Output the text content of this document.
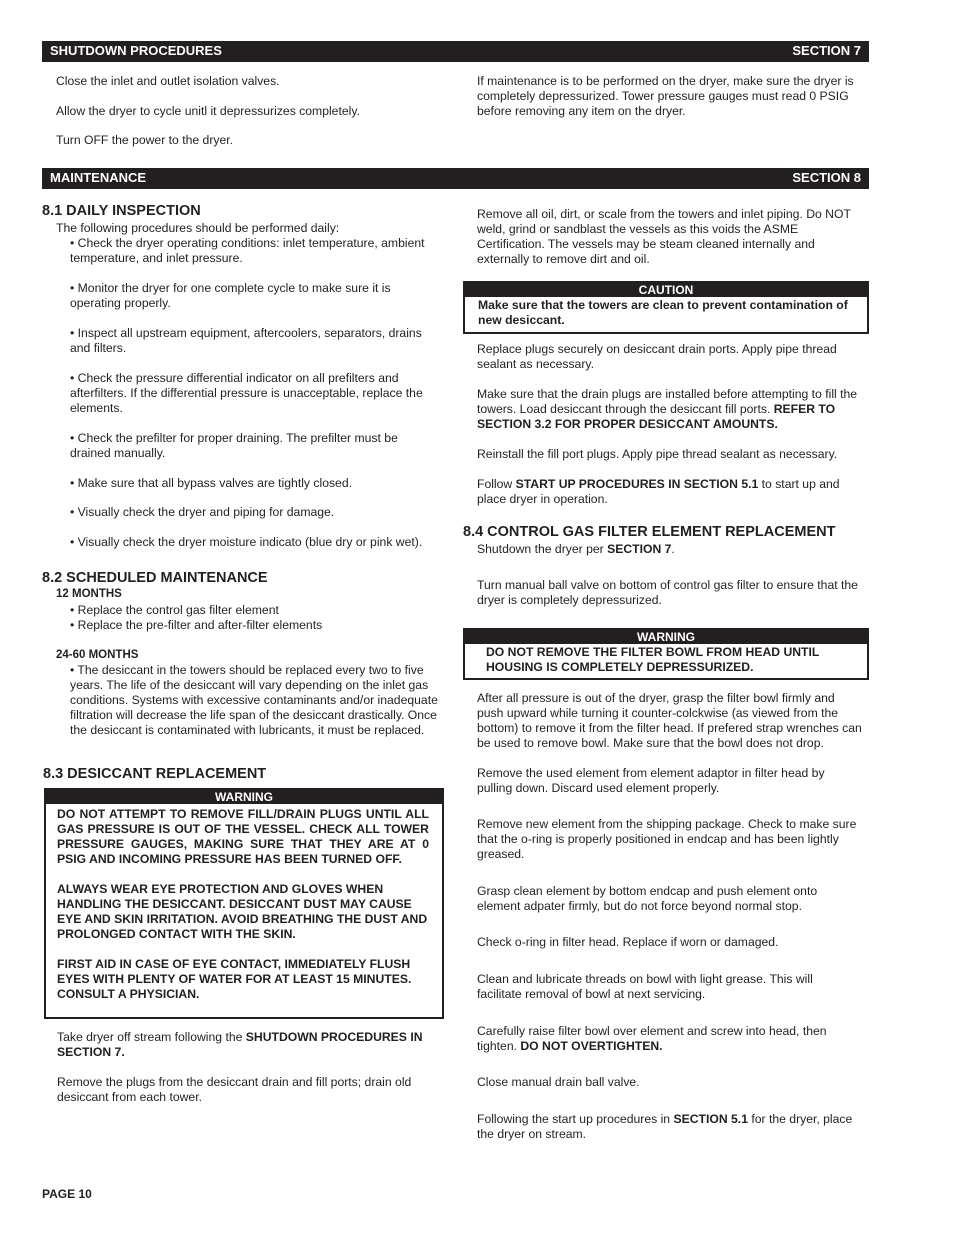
SHUTDOWN PROCEDURES	SECTION 7

Close the inlet and outlet isolation valves.

Allow the dryer to cycle unitl it depressurizes completely.

Turn OFF the power to the dryer.

If maintenance is to be performed on the dryer, make sure the dryer is completely depressurized. Tower pressure gauges must read 0 PSIG before removing any item on the dryer.

MAINTENANCE	SECTION 8
8.1 DAILY INSPECTION

The following procedures should be performed daily:

• Check the dryer operating conditions: inlet temperature, ambient temperature, and inlet pressure.

• Monitor the dryer for one complete cycle to make sure it is operating properly.

• Inspect all upstream equipment, aftercoolers, separators, drains and filters.

• Check the pressure differential indicator on all prefilters and afterfilters. If the differential pressure is unacceptable, replace the elements.

• Check the prefilter for proper draining. The prefilter must be drained manually.

• Make sure that all bypass valves are tightly closed.

• Visually check the dryer and piping for damage.

• Visually check the dryer moisture indicato (blue dry or pink wet).

8.2 SCHEDULED MAINTENANCE

12 MONTHS

• Replace the control gas filter element

• Replace the pre-filter and after-filter elements

24-60 MONTHS

• The desiccant in the towers should be replaced every two to five years. The life of the desiccant will vary depending on the inlet gas conditions. Systems with excessive contaminants and/or inadequate filtration will decrease the life span of the desiccant drastically. Once the desiccant is contaminated with lubricants, it must be replaced.

8.3 DESICCANT REPLACEMENT
WARNING

DO NOT ATTEMPT TO REMOVE FILL/DRAIN PLUGS UNTIL ALL GAS PRESSURE IS OUT OF THE VESSEL. CHECK ALL TOWER PRESSURE GAUGES, MAKING SURE THAT THEY ARE AT 0 PSIG AND INCOMING PRESSURE HAS BEEN TURNED OFF.

ALWAYS WEAR EYE PROTECTION AND GLOVES WHEN HANDLING THE DESICCANT. DESICCANT DUST MAY CAUSE EYE AND SKIN IRRITATION. AVOID BREATHING THE DUST AND PROLONGED CONTACT WITH THE SKIN.

FIRST AID IN CASE OF EYE CONTACT, IMMEDIATELY FLUSH EYES WITH PLENTY OF WATER FOR AT LEAST 15 MINUTES. CONSULT A PHYSICIAN.

Take dryer off stream following the SHUTDOWN PROCEDURES IN SECTION 7.

Remove the plugs from the desiccant drain and fill ports; drain old desiccant from each tower.

Remove all oil, dirt, or scale from the towers and inlet piping. Do NOT weld, grind or sandblast the vessels as this voids the ASME Certification. The vessels may be steam cleaned internally and externally to remove dirt and oil.

CAUTION

Make sure that the towers are clean to prevent contamination of new desiccant.

Replace plugs securely on desiccant drain ports. Apply pipe thread sealant as necessary.

Make sure that the drain plugs are installed before attempting to fill the towers. Load desiccant through the desiccant fill ports. REFER TO SECTION 3.2 FOR PROPER DESICCANT AMOUNTS.

Reinstall the fill port plugs. Apply pipe thread sealant as necessary.

Follow START UP PROCEDURES IN SECTION 5.1 to start up and place dryer in operation.

8.4 CONTROL GAS FILTER ELEMENT REPLACEMENT

Shutdown the dryer per SECTION 7.

Turn manual ball valve on bottom of control gas filter to ensure that the dryer is completely depressurized.

WARNING

DO NOT REMOVE THE FILTER BOWL FROM HEAD UNTIL HOUSING IS COMPLETELY DEPRESSURIZED.

After all pressure is out of the dryer, grasp the filter bowl firmly and push upward while turning it counter-colckwise (as viewed from the bottom) to remove it from the filter head. If prefered strap wrenches can be used to remove bowl. Make sure that the bowl does not drop.

Remove the used element from element adaptor in filter head by pulling down. Discard used element properly.

Remove new element from the shipping package. Check to make sure that the o-ring is properly positioned in endcap and has been lightly greased.

Grasp clean element by bottom endcap and push element onto element adpater firmly, but do not force beyond normal stop.

Check o-ring in filter head. Replace if worn or damaged.

Clean and lubricate threads on bowl with light grease. This will facilitate removal of bowl at next servicing.

Carefully raise filter bowl over element and screw into head, then tighten. DO NOT OVERTIGHTEN.

Close manual drain ball valve.

Following the start up procedures in SECTION 5.1 for the dryer, place the dryer on stream.

PAGE 10
